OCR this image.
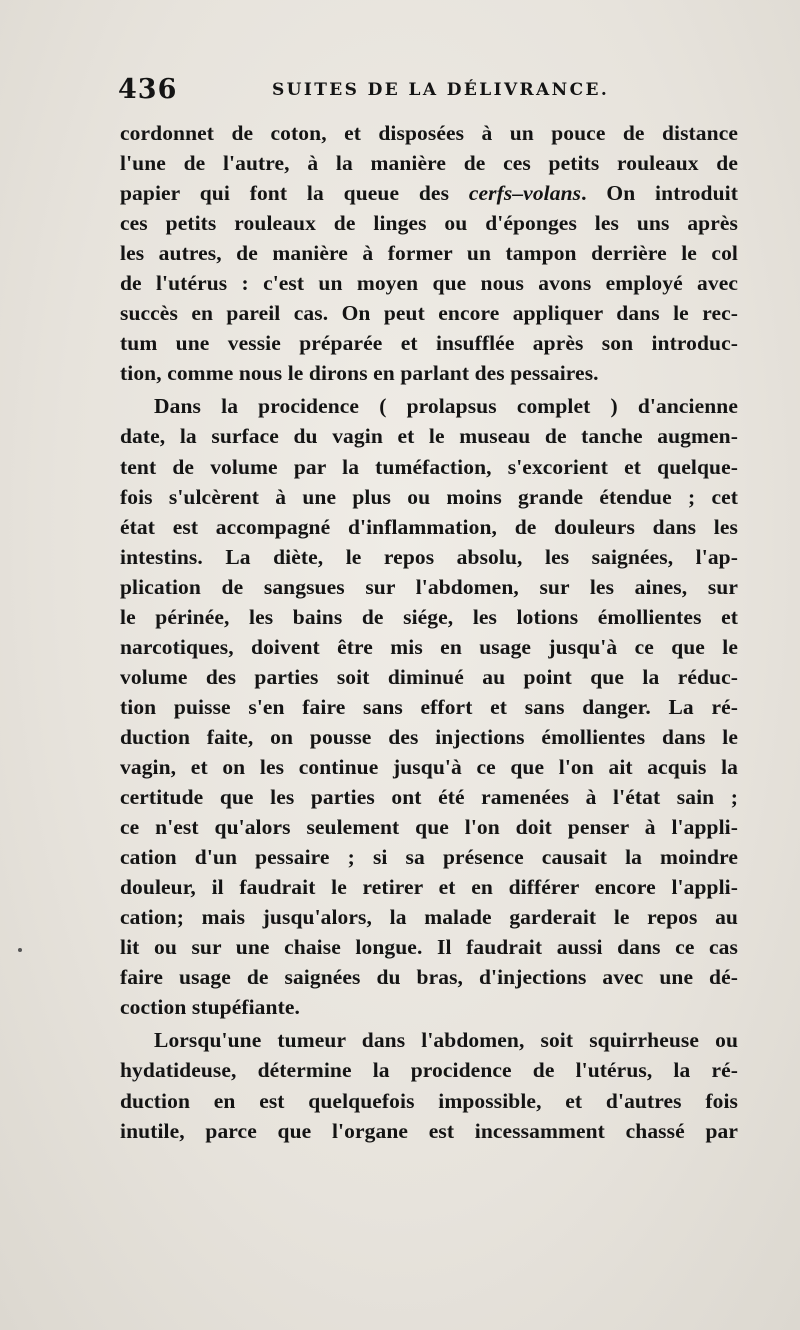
436	SUITES DE LA DÉLIVRANCE.
cordonnet de coton, et disposées à un pouce de distance
l'une de l'autre, à la manière de ces petits rouleaux de
papier qui font la queue des cerfs–volans. On introduit
ces petits rouleaux de linges ou d'éponges les uns après
les autres, de manière à former un tampon derrière le col
de l'utérus : c'est un moyen que nous avons employé avec
succès en pareil cas. On peut encore appliquer dans le rec-
tum une vessie préparée et insufflée après son introduc-
tion, comme nous le dirons en parlant des pessaires.
Dans la procidence ( prolapsus complet ) d'ancienne
date, la surface du vagin et le museau de tanche augmen-
tent de volume par la tuméfaction, s'excorient et quelque-
fois s'ulcèrent à une plus ou moins grande étendue ; cet
état est accompagné d'inflammation, de douleurs dans les
intestins. La diète, le repos absolu, les saignées, l'ap-
plication de sangsues sur l'abdomen, sur les aines, sur
le périnée, les bains de siége, les lotions émollientes et
narcotiques, doivent être mis en usage jusqu'à ce que le
volume des parties soit diminué au point que la réduc-
tion puisse s'en faire sans effort et sans danger. La ré-
duction faite, on pousse des injections émollientes dans le
vagin, et on les continue jusqu'à ce que l'on ait acquis la
certitude que les parties ont été ramenées à l'état sain ;
ce n'est qu'alors seulement que l'on doit penser à l'appli-
cation d'un pessaire ; si sa présence causait la moindre
douleur, il faudrait le retirer et en différer encore l'appli-
cation; mais jusqu'alors, la malade garderait le repos au
lit ou sur une chaise longue. Il faudrait aussi dans ce cas
faire usage de saignées du bras, d'injections avec une dé-
coction stupéfiante.
Lorsqu'une tumeur dans l'abdomen, soit squirrheuse ou
hydatideuse, détermine la procidence de l'utérus, la ré-
duction en est quelquefois impossible, et d'autres fois
inutile, parce que l'organe est incessamment chassé par
